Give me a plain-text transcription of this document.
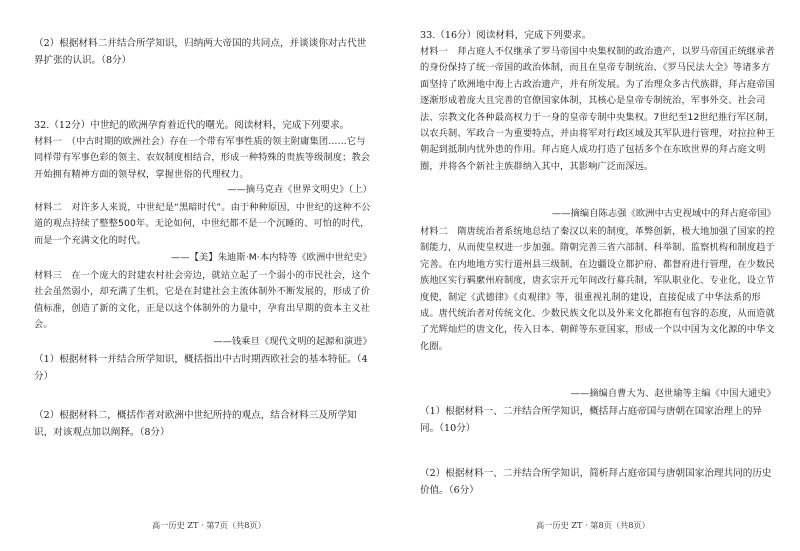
（2）根据材料二并结合所学知识，归纳两大帝国的共同点，并谈谈你对古代世界扩张的认识。（8分）
32.（12分）中世纪的欧洲孕育着近代的曙光。阅读材料，完成下列要求。
材料一　（中古时期的欧洲社会）存在一个带有军事性质的领主附庸集团……它与同样带有军事色彩的领主、农奴制度相结合，形成一种特殊的贵族等级制度；教会开始拥有精神方面的领导权，掌握世俗的代理权力。
——摘马克垚《世界文明史》（上）
材料二　对许多人来说，中世纪是“黑暗时代”。由于种种原因，中世纪的这种不公道的观点持续了整整500年。无论如何，中世纪都不是一个沉睡的、可怕的时代，而是一个充满文化的时代。
——【美】朱迪斯·M·本内特等《欧洲中世纪史》
材料三　在一个庞大的封建农村社会旁边，就站立起了一个弱小的市民社会，这个社会虽然弱小，却充满了生机，它是在封建社会主流体制外不断发展的，形成了价值标准，创造了新的文化，正是以这个体制外的力量中，孕育出早期的资本主义社会。
——钱乘旦《现代文明的起源和演进》
（1）根据材料一并结合所学知识，概括指出中古时期西欧社会的基本特征。（4分）
（2）根据材料二，概括作者对欧洲中世纪所持的观点，结合材料三及所学知识，对该观点加以阐释。（8分）
高一历史 ZT · 第7页（共8页）
33.（16分）阅读材料，完成下列要求。
材料一　拜占庭人不仅继承了罗马帝国中央集权制的政治遗产，以罗马帝国正统继承者的身份保持了统一帝国的政治体制，而且在皇帝专制统治、《罗马民法大全》等诸多方面坚持了欧洲地中海上古政治遗产，并有所发展。为了治理众多古代族群，拜占庭帝国逐渐形成着庞大且完善的官僚国家体制，其核心是皇帝专制统治，军事外交、社会司法、宗教文化各种最高权力于一身的皇帝专制中央集权。7世纪至12世纪推行军区制，以农兵制、军政合一为重要特点，并由将军对行政区域及其军队进行管理，对拉拉种王朝起到抵制内忧外患的作用。拜占庭人成功打造了包括多个在东欧世界的拜占庭文明圈，并将各个新社主族群纳入其中，其影响广泛而深远。
——摘编自陈志强《欧洲中古史视域中的拜占庭帝国》
材料二　隋唐统治者系统地总结了秦汉以来的制度，革弊创新，极大地加强了国家的控制能力，从而使皇权进一步加强。隋朝完善三省六部制、科举制、监察机构和制度趋于完善。在内地地方实行道州县三级制，在边疆设立都护府、都督府进行管理，在少数民族地区实行羁縻州府制度，唐玄宗开元年间改行募兵制，军队职业化、专业化，设立节度使，制定《武德律》《贞观律》等，很重视礼制的建设，直接促成了中华法系的形成。唐代统治者对传统文化、少数民族文化以及外来文化都抱有包容的态度，从而造就了光辉灿烂的唐文化，传入日本、朝鲜等东亚国家，形成一个以中国为文化源的中华文化圈。
——摘编自曹大为、赵世瑜等主编《中国大通史》
（1）根据材料一、二并结合所学知识，概括拜占庭帝国与唐朝在国家治理上的异同。（10分）
（2）根据材料一、二并结合所学知识，简析拜占庭帝国与唐朝国家治理共同的历史价值。（6分）
高一历史 ZT · 第8页（共8页）
